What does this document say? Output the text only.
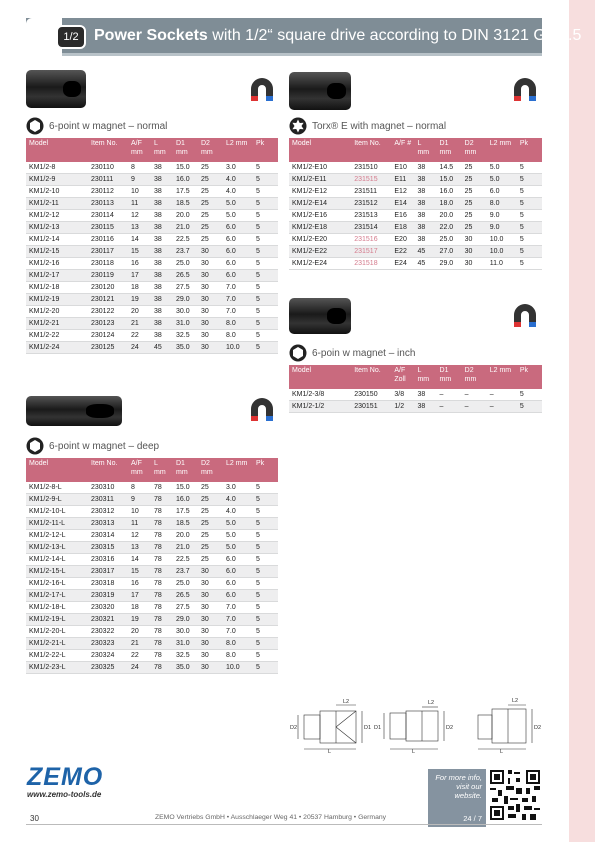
1/2 Power Sockets with 1/2“ square drive according to DIN 3121 G 12.5
6-point w magnet – normal
Model	Item No.	A/F mm	L mm	D1 mm	D2 mm	L2 mm	Pk
KM1/2-8	230110	8	38	15.0	25	3.0	5
KM1/2-9	230111	9	38	16.0	25	4.0	5
KM1/2-10	230112	10	38	17.5	25	4.0	5
KM1/2-11	230113	11	38	18.5	25	5.0	5
KM1/2-12	230114	12	38	20.0	25	5.0	5
KM1/2-13	230115	13	38	21.0	25	6.0	5
KM1/2-14	230116	14	38	22.5	25	6.0	5
KM1/2-15	230117	15	38	23.7	30	6.0	5
KM1/2-16	230118	16	38	25.0	30	6.0	5
KM1/2-17	230119	17	38	26.5	30	6.0	5
KM1/2-18	230120	18	38	27.5	30	7.0	5
KM1/2-19	230121	19	38	29.0	30	7.0	5
KM1/2-20	230122	20	38	30.0	30	7.0	5
KM1/2-21	230123	21	38	31.0	30	8.0	5
KM1/2-22	230124	22	38	32.5	30	8.0	5
KM1/2-24	230125	24	45	35.0	30	10.0	5
Torx® E with magnet – normal
Model	Item No.	A/F #	L mm	D1 mm	D2 mm	L2 mm	Pk
KM1/2-E10	231510	E10	38	14.5	25	5.0	5
KM1/2-E11	231515	E11	38	15.0	25	5.0	5
KM1/2-E12	231511	E12	38	16.0	25	6.0	5
KM1/2-E14	231512	E14	38	18.0	25	8.0	5
KM1/2-E16	231513	E16	38	20.0	25	9.0	5
KM1/2-E18	231514	E18	38	22.0	25	9.0	5
KM1/2-E20	231516	E20	38	25.0	30	10.0	5
KM1/2-E22	231517	E22	45	27.0	30	10.0	5
KM1/2-E24	231518	E24	45	29.0	30	11.0	5
6-poin w magnet – inch
Model	Item No.	A/F Zoll	L mm	D1 mm	D2 mm	L2 mm	Pk
KM1/2-3/8	230150	3/8	38	–	–	–	5
KM1/2-1/2	230151	1/2	38	–	–	–	5
6-point w magnet – deep
Model	Item No.	A/F mm	L mm	D1 mm	D2 mm	L2 mm	Pk
KM1/2-8-L	230310	8	78	15.0	25	3.0	5
KM1/2-9-L	230311	9	78	16.0	25	4.0	5
KM1/2-10-L	230312	10	78	17.5	25	4.0	5
KM1/2-11-L	230313	11	78	18.5	25	5.0	5
KM1/2-12-L	230314	12	78	20.0	25	5.0	5
KM1/2-13-L	230315	13	78	21.0	25	5.0	5
KM1/2-14-L	230316	14	78	22.5	25	6.0	5
KM1/2-15-L	230317	15	78	23.7	30	6.0	5
KM1/2-16-L	230318	16	78	25.0	30	6.0	5
KM1/2-17-L	230319	17	78	26.5	30	6.0	5
KM1/2-18-L	230320	18	78	27.5	30	7.0	5
KM1/2-19-L	230321	19	78	29.0	30	7.0	5
KM1/2-20-L	230322	20	78	30.0	30	7.0	5
KM1/2-21-L	230323	21	78	31.0	30	8.0	5
KM1/2-22-L	230324	22	78	32.5	30	8.0	5
KM1/2-23-L	230325	24	78	35.0	30	10.0	5
L2
L
D2	D1
L2
L
D1	D2
L2
L
D2
ZEMO
www.zemo-tools.de
For more info, visit our website.
24 / 7
30	ZEMO Vertriebs GmbH • Ausschlaeger Weg 41 • 20537 Hamburg • Germany
